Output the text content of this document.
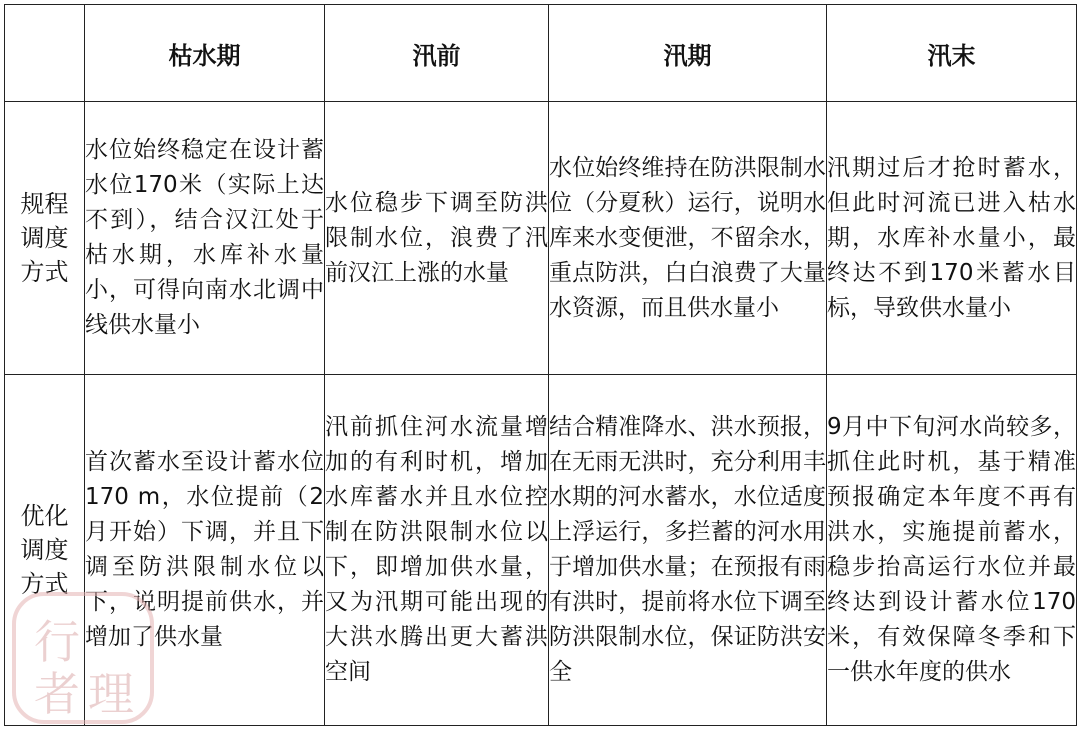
	枯水期	汛前	汛期	汛末
规程
调度
方式	水位始终稳定在设计蓄水位170米（实际上达不到），结合汉江处于枯水期，水库补水量小，可得向南水北调中线供水量小	水位稳步下调至防洪限制水位，浪费了汛前汉江上涨的水量	水位始终维持在防洪限制水位（分夏秋）运行，说明水库来水变便泄，不留余水，重点防洪，白白浪费了大量水资源，而且供水量小	汛期过后才抢时蓄水，但此时河流已进入枯水期，水库补水量小，最终达不到170米蓄水目标，导致供水量小
优化
调度
方式	首次蓄水至设计蓄水位170 m，水位提前（2月开始）下调，并且下调至防洪限制水位以下，说明提前供水，并增加了供水量	汛前抓住河水流量增加的有利时机，增加水库蓄水并且水位控制在防洪限制水位以下，即增加供水量，又为汛期可能出现的大洪水腾出更大蓄洪空间	结合精准降水、洪水预报，在无雨无洪时，充分利用丰水期的河水蓄水，水位适度上浮运行，多拦蓄的河水用于增加供水量；在预报有雨有洪时，提前将水位下调至防洪限制水位，保证防洪安全	9月中下旬河水尚较多，抓住此时机，基于精准预报确定本年度不再有洪水，实施提前蓄水，稳步抬高运行水位并最终达到设计蓄水位170米，有效保障冬季和下一供水年度的供水
行
者 理
